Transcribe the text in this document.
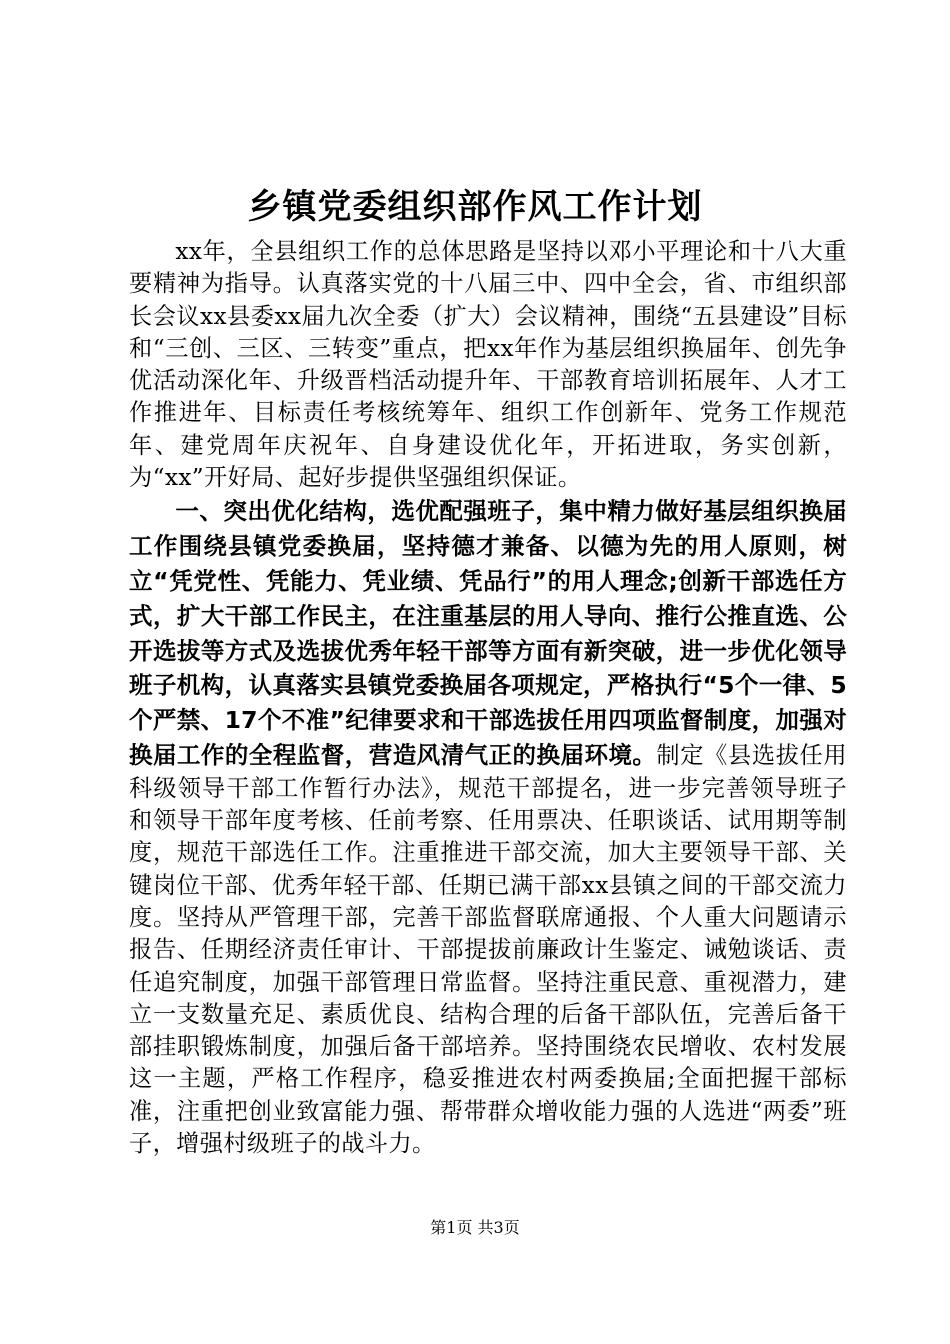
乡镇党委组织部作风工作计划

xx年，全县组织工作的总体思路是坚持以邓小平理论和十八大重要精神为指导。认真落实党的十八届三中、四中全会，省、市组织部长会议xx县委xx届九次全委（扩大）会议精神，围绕“五县建设”目标和“三创、三区、三转变”重点，把xx年作为基层组织换届年、创先争优活动深化年、升级晋档活动提升年、干部教育培训拓展年、人才工作推进年、目标责任考核统筹年、组织工作创新年、党务工作规范年、建党周年庆祝年、自身建设优化年，开拓进取，务实创新，为“xx”开好局、起好步提供坚强组织保证。

一、突出优化结构，选优配强班子，集中精力做好基层组织换届工作围绕县镇党委换届，坚持德才兼备、以德为先的用人原则，树立“凭党性、凭能力、凭业绩、凭品行”的用人理念;创新干部选任方式，扩大干部工作民主，在注重基层的用人导向、推行公推直选、公开选拔等方式及选拔优秀年轻干部等方面有新突破，进一步优化领导班子机构，认真落实县镇党委换届各项规定，严格执行“5个一律、5个严禁、17个不准”纪律要求和干部选拔任用四项监督制度，加强对换届工作的全程监督，营造风清气正的换届环境。制定《县选拔任用科级领导干部工作暂行办法》，规范干部提名，进一步完善领导班子和领导干部年度考核、任前考察、任用票决、任职谈话、试用期等制度，规范干部选任工作。注重推进干部交流，加大主要领导干部、关键岗位干部、优秀年轻干部、任期已满干部xx县镇之间的干部交流力度。坚持从严管理干部，完善干部监督联席通报、个人重大问题请示报告、任期经济责任审计、干部提拔前廉政计生鉴定、诫勉谈话、责任追究制度，加强干部管理日常监督。坚持注重民意、重视潜力，建立一支数量充足、素质优良、结构合理的后备干部队伍，完善后备干部挂职锻炼制度，加强后备干部培养。坚持围绕农民增收、农村发展这一主题，严格工作程序，稳妥推进农村两委换届;全面把握干部标准，注重把创业致富能力强、帮带群众增收能力强的人选进“两委”班子，增强村级班子的战斗力。

第1页 共3页
